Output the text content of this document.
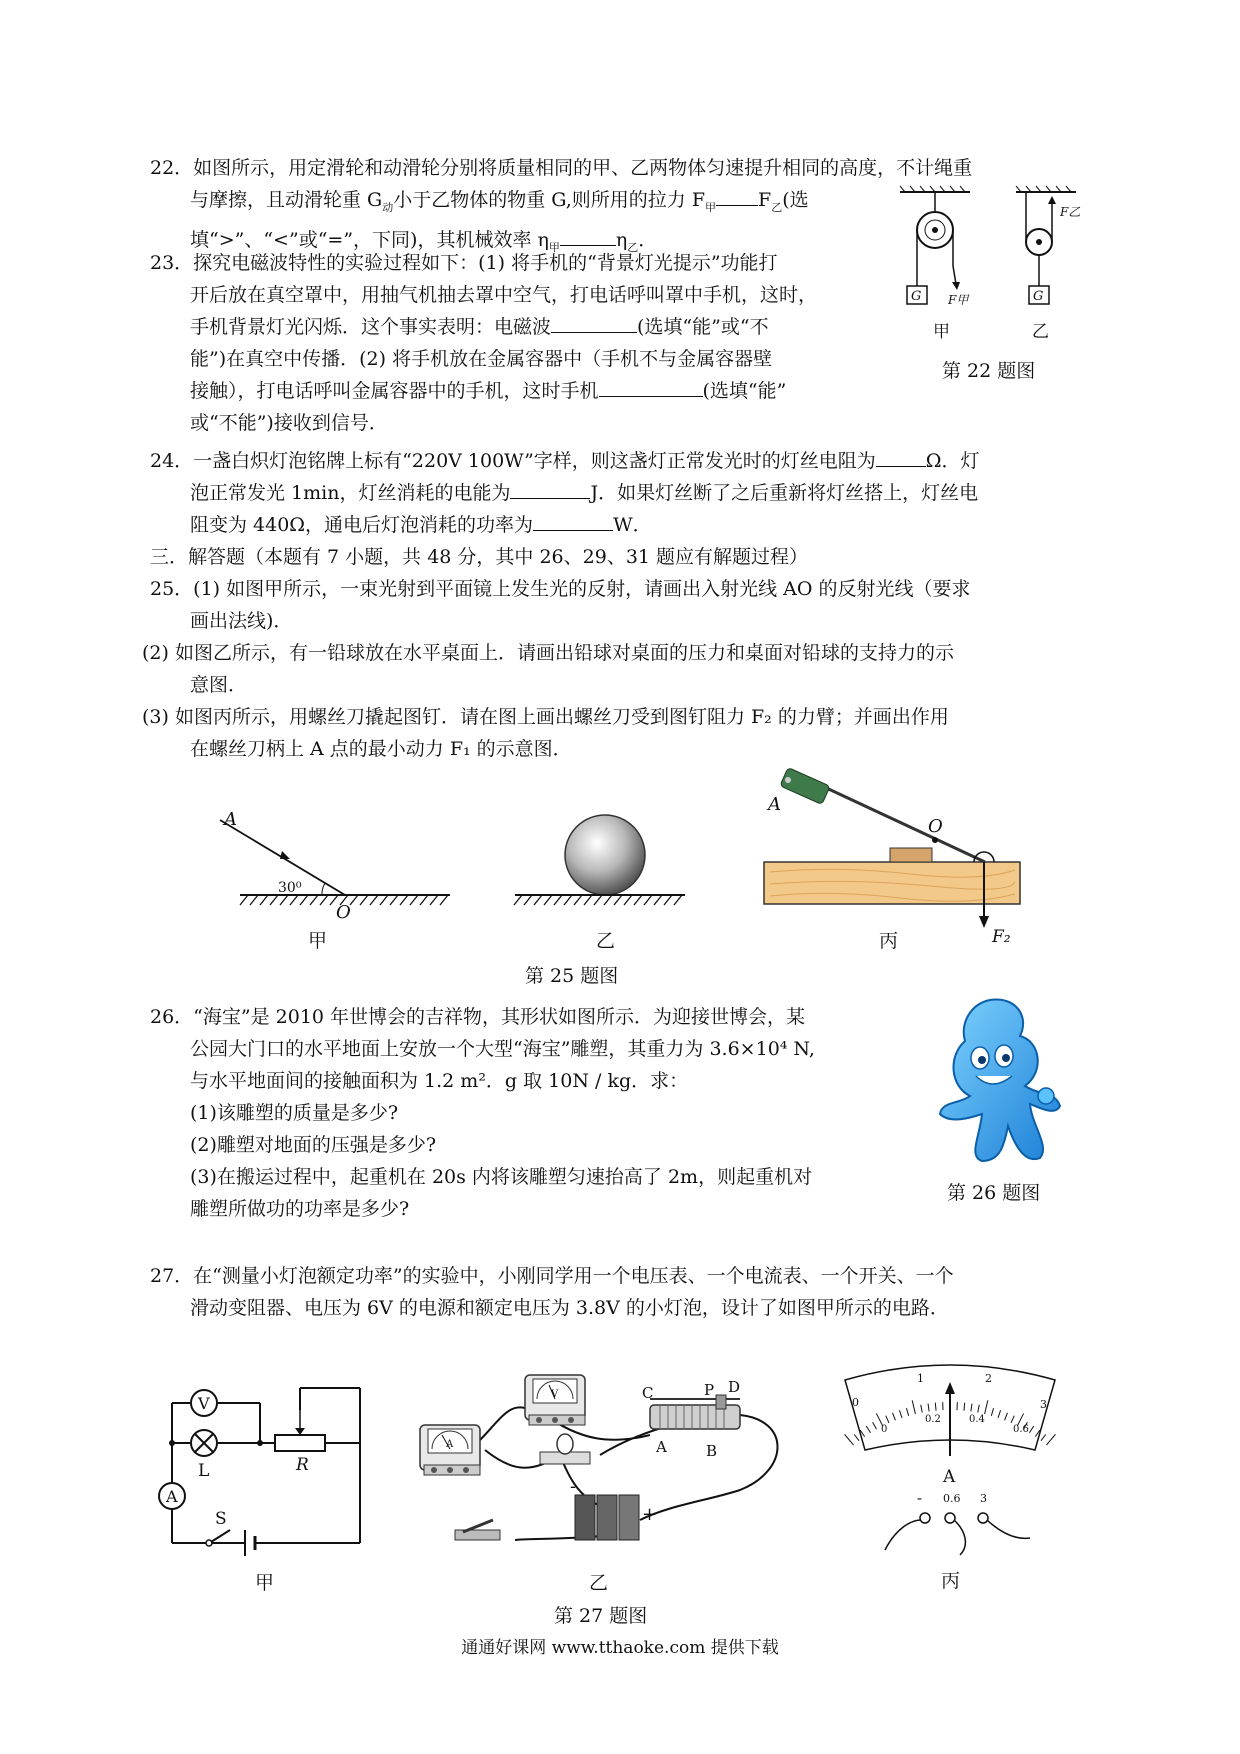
22．如图所示，用定滑轮和动滑轮分别将质量相同的甲、乙两物体匀速提升相同的高度，不计绳重
与摩擦，且动滑轮重 $G_动$小于乙物体的物重 G,则所用的拉力 $F_甲$ $F_乙$(选
填“>”、“<”或“=”，下同)，其机械效率 $\eta_甲$	$\eta_乙$．
G F甲	G
F乙
甲	乙
第 22 题图
23．探究电磁波特性的实验过程如下：(1) 将手机的“背景灯光提示”功能打
开后放在真空罩中，用抽气机抽去罩中空气，打电话呼叫罩中手机，这时，
手机背景灯光闪烁．这个事实表明：电磁波	(选填“能”或“不
能”)在真空中传播．(2) 将手机放在金属容器中（手机不与金属容器壁
接触），打电话呼叫金属容器中的手机，这时手机	(选填“能”
或“不能”)接收到信号．
24．一盏白炽灯泡铭牌上标有“220V 100W”字样，则这盏灯正常发光时的灯丝电阻为	Ω．灯
泡正常发光 1min，灯丝消耗的电能为	J．如果灯丝断了之后重新将灯丝搭上，灯丝电
阻变为 440Ω，通电后灯泡消耗的功率为	W．
三．解答题（本题有 7 小题，共 48 分，其中 26、29、31 题应有解题过程）
25．(1) 如图甲所示，一束光射到平面镜上发生光的反射，请画出入射光线 AO 的反射光线（要求
画出法线)．
(2) 如图乙所示，有一铅球放在水平桌面上．请画出铅球对桌面的压力和桌面对铅球的支持力的示
意图．
(3) 如图丙所示，用螺丝刀撬起图钉．请在图上画出螺丝刀受到图钉阻力 F₂ 的力臂；并画出作用
在螺丝刀柄上 A 点的最小动力 F₁ 的示意图．
A
30⁰
O
甲	乙
A
O
F₂
丙
第 25 题图
26．“海宝”是 2010 年世博会的吉祥物，其形状如图所示．为迎接世博会，某
公园大门口的水平地面上安放一个大型“海宝”雕塑，其重力为 3.6×10⁴ N,
与水平地面间的接触面积为 1.2 m²．g 取 10N / kg．求：
(1)该雕塑的质量是多少?
(2)雕塑对地面的压强是多少?
(3)在搬运过程中，起重机在 20s 内将该雕塑匀速抬高了 2m，则起重机对
雕塑所做功的功率是多少?
第 26 题图
27．在“测量小灯泡额定功率”的实验中，小刚同学用一个电压表、一个电流表、一个开关、一个
滑动变阻器、电压为 6V 的电源和额定电压为 3.8V 的小灯泡，设计了如图甲所示的电路．
V
A
L	R
S
甲
A
V	C	P D
A	B
-
+
乙
0
1	2
3
0
0.2	0.4
0.6
A
- 0.6 3
丙
第 27 题图
通通好课网 www.tthaoke.com 提供下载
